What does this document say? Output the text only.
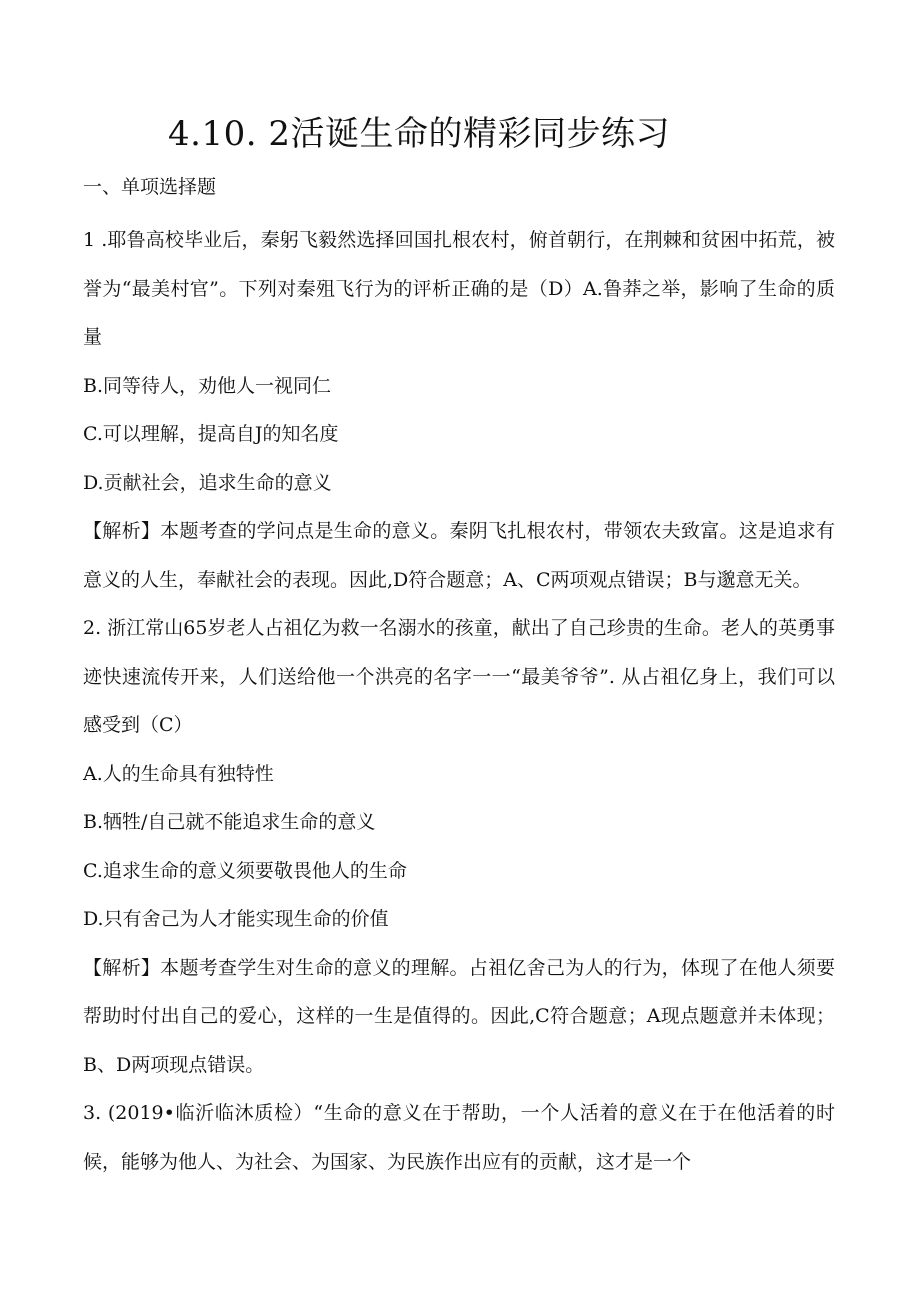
4.10. 2活诞生命的精彩同步练习
一、单项选择题

1 .耶鲁高校毕业后，秦躬飞毅然选择回国扎根农村，俯首朝行，在荆棘和贫困中拓荒，被誉为“最美村官”。下列对秦殂飞行为的评析正确的是（D）A.鲁莽之举，影响了生命的质量

B.同等待人，劝他人一视同仁

C.可以理解，提高自J的知名度

D.贡献社会，追求生命的意义

【解析】本题考查的学问点是生命的意义。秦阴飞扎根农村，带领农夫致富。这是追求有意义的人生，奉献社会的表现。因此,D符合题意；A、C两项观点错误；B与邈意无关。

2. 浙江常山65岁老人占祖亿为救一名溺水的孩童，献出了自己珍贵的生命。老人的英勇事迹快速流传开来，人们送给他一个洪亮的名字一一“最美爷爷”. 从占祖亿身上，我们可以感受到（C）

A.人的生命具有独特性

B.牺牲/自己就不能追求生命的意义

C.追求生命的意义须要敬畏他人的生命

D.只有舍己为人才能实现生命的价值

【解析】本题考查学生对生命的意义的理解。占祖亿舍己为人的行为，体现了在他人须要帮助时付出自己的爱心，这样的一生是值得的。因此,C符合题意；A现点题意并未体现；B、D两项现点错误。

3. (2019•临沂临沐质检）“生命的意义在于帮助，一个人活着的意义在于在他活着的时候，能够为他人、为社会、为国家、为民族作出应有的贡献，这才是一个
